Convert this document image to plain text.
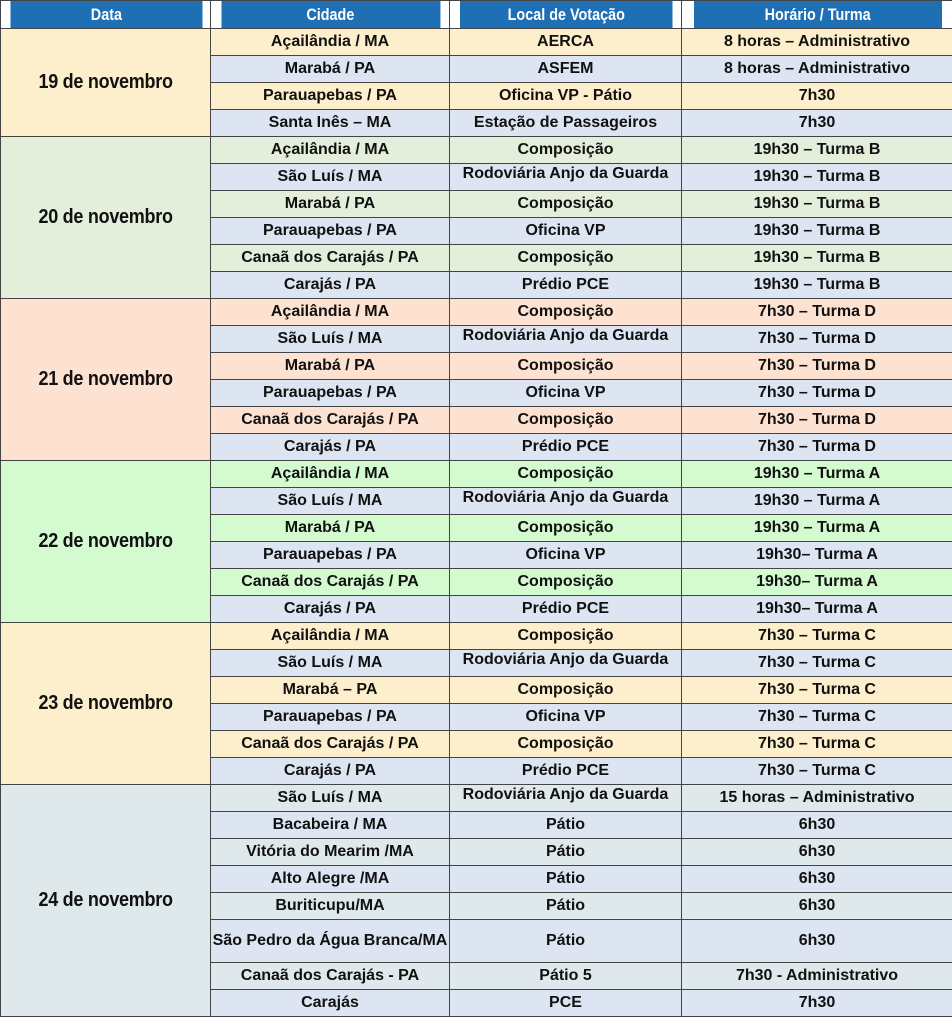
Data	Cidade	Local de Votação	Horário / Turma
19 de novembro	Açailândia / MA	AERCA	8 horas – Administrativo
	Marabá / PA	ASFEM	8 horas – Administrativo
	Parauapebas / PA	Oficina VP - Pátio	7h30
	Santa Inês – MA	Estação de Passageiros	7h30
20 de novembro	Açailândia / MA	Composição	19h30 – Turma B
	São Luís / MA	Rodoviária Anjo da Guarda	19h30 – Turma B
	Marabá / PA	Composição	19h30 – Turma B
	Parauapebas / PA	Oficina VP	19h30 – Turma B
	Canaã dos Carajás / PA	Composição	19h30 – Turma B
	Carajás / PA	Prédio PCE	19h30 – Turma B
21 de novembro	Açailândia / MA	Composição	7h30 – Turma D
	São Luís / MA	Rodoviária Anjo da Guarda	7h30 – Turma D
	Marabá / PA	Composição	7h30 – Turma D
	Parauapebas / PA	Oficina VP	7h30 – Turma D
	Canaã dos Carajás / PA	Composição	7h30 – Turma D
	Carajás / PA	Prédio PCE	7h30 – Turma D
22 de novembro	Açailândia / MA	Composição	19h30 – Turma A
	São Luís / MA	Rodoviária Anjo da Guarda	19h30 – Turma A
	Marabá / PA	Composição	19h30 – Turma A
	Parauapebas / PA	Oficina VP	19h30– Turma A
	Canaã dos Carajás / PA	Composição	19h30– Turma A
	Carajás / PA	Prédio PCE	19h30– Turma A
23 de novembro	Açailândia / MA	Composição	7h30 – Turma C
	São Luís / MA	Rodoviária Anjo da Guarda	7h30 – Turma C
	Marabá – PA	Composição	7h30 – Turma C
	Parauapebas / PA	Oficina VP	7h30 – Turma C
	Canaã dos Carajás / PA	Composição	7h30 – Turma C
	Carajás / PA	Prédio PCE	7h30 – Turma C
24 de novembro	São Luís / MA	Rodoviária Anjo da Guarda	15 horas – Administrativo
	Bacabeira / MA	Pátio	6h30
	Vitória do Mearim /MA	Pátio	6h30
	Alto Alegre /MA	Pátio	6h30
	Buriticupu/MA	Pátio	6h30
	São Pedro da Água Branca/MA	Pátio	6h30
	Canaã dos Carajás - PA	Pátio 5	7h30 - Administrativo
	Carajás	PCE	7h30
